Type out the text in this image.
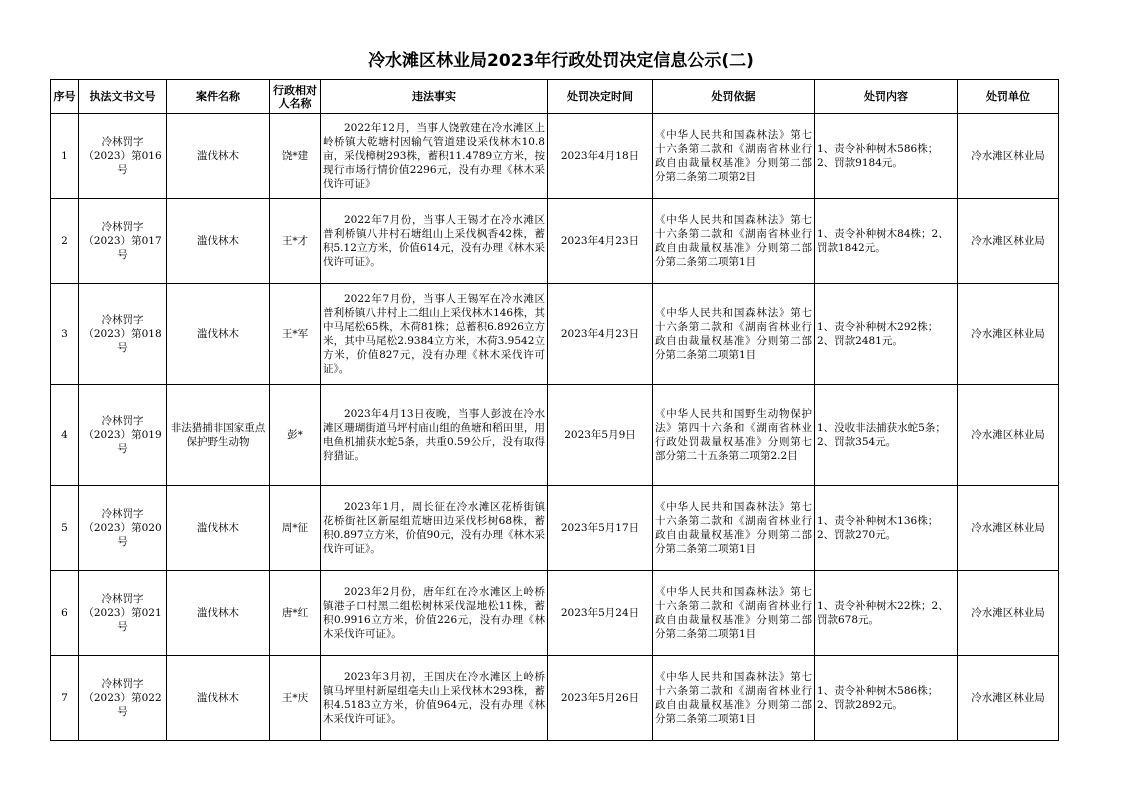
冷水滩区林业局2023年行政处罚决定信息公示(二)
序号	执法文书文号	案件名称	行政相对人名称	违法事实	处罚决定时间	处罚依据	处罚内容	处罚单位
1	冷林罚字（2023）第016号	滥伐林木	饶*建	2022年12月，当事人饶敦建在冷水滩区上岭桥镇大乾塘村因输气管道建设采伐林木10.8亩，采伐樟树293株，蓄积11.4789立方米，按现行市场行情价值2296元，没有办理《林木采伐许可证》	2023年4月18日	《中华人民共和国森林法》第七十六条第二款和《湖南省林业行政自由裁量权基准》分则第二部分第二条第二项第2目	1、责令补种树木586株；2、罚款9184元。	冷水滩区林业局
2	冷林罚字（2023）第017号	滥伐林木	王*才	2022年7月份，当事人王锡才在冷水滩区普利桥镇八井村石塘组山上采伐枫香42株，蓄积5.12立方米，价值614元，没有办理《林木采伐许可证》。	2023年4月23日	《中华人民共和国森林法》第七十六条第二款和《湖南省林业行政自由裁量权基准》分则第二部分第二条第二项第1目	1、责令补种树木84株；2、罚款1842元。	冷水滩区林业局
3	冷林罚字（2023）第018号	滥伐林木	王*军	2022年7月份，当事人王锡军在冷水滩区普利桥镇八井村上二组山上采伐林木146株，其中马尾松65株，木荷81株；总蓄积6.8926立方米，其中马尾松2.9384立方米，木荷3.9542立方米，价值827元，没有办理《林木采伐许可证》。	2023年4月23日	《中华人民共和国森林法》第七十六条第二款和《湖南省林业行政自由裁量权基准》分则第二部分第二条第二项第1目	1、责令补种树木292株；2、罚款2481元。	冷水滩区林业局
4	冷林罚字（2023）第019号	非法猎捕非国家重点保护野生动物	彭*	2023年4月13日夜晚，当事人彭波在冷水滩区珊瑚街道马坪村庙山组的鱼塘和稻田里，用电鱼机捕获水蛇5条，共重0.59公斤，没有取得狩猎证。	2023年5月9日	《中华人民共和国野生动物保护法》第四十六条和《湖南省林业行政处罚裁量权基准》分则第七部分第二十五条第二项第2.2目	1、没收非法捕获水蛇5条；2、罚款354元。	冷水滩区林业局
5	冷林罚字（2023）第020号	滥伐林木	周*征	2023年1月，周长征在冷水滩区花桥街镇花桥街社区新屋组荒塘田边采伐杉树68株，蓄积0.897立方米，价值90元，没有办理《林木采伐许可证》。	2023年5月17日	《中华人民共和国森林法》第七十六条第二款和《湖南省林业行政自由裁量权基准》分则第二部分第二条第二项第1目	1、责令补种树木136株；2、罚款270元。	冷水滩区林业局
6	冷林罚字（2023）第021号	滥伐林木	唐*红	2023年2月份，唐年红在冷水滩区上岭桥镇港子口村黑二组松树林采伐湿地松11株，蓄积0.9916立方米，价值226元，没有办理《林木采伐许可证》。	2023年5月24日	《中华人民共和国森林法》第七十六条第二款和《湖南省林业行政自由裁量权基准》分则第二部分第二条第二项第1目	1、责令补种树木22株；2、罚款678元。	冷水滩区林业局
7	冷林罚字（2023）第022号	滥伐林木	王*庆	2023年3月初，王国庆在冷水滩区上岭桥镇马坪里村新屋组亳夫山上采伐林木293株，蓄积4.5183立方米，价值964元，没有办理《林木采伐许可证》。	2023年5月26日	《中华人民共和国森林法》第七十六条第二款和《湖南省林业行政自由裁量权基准》分则第二部分第二条第二项第1目	1、责令补种树木586株；2、罚款2892元。	冷水滩区林业局
